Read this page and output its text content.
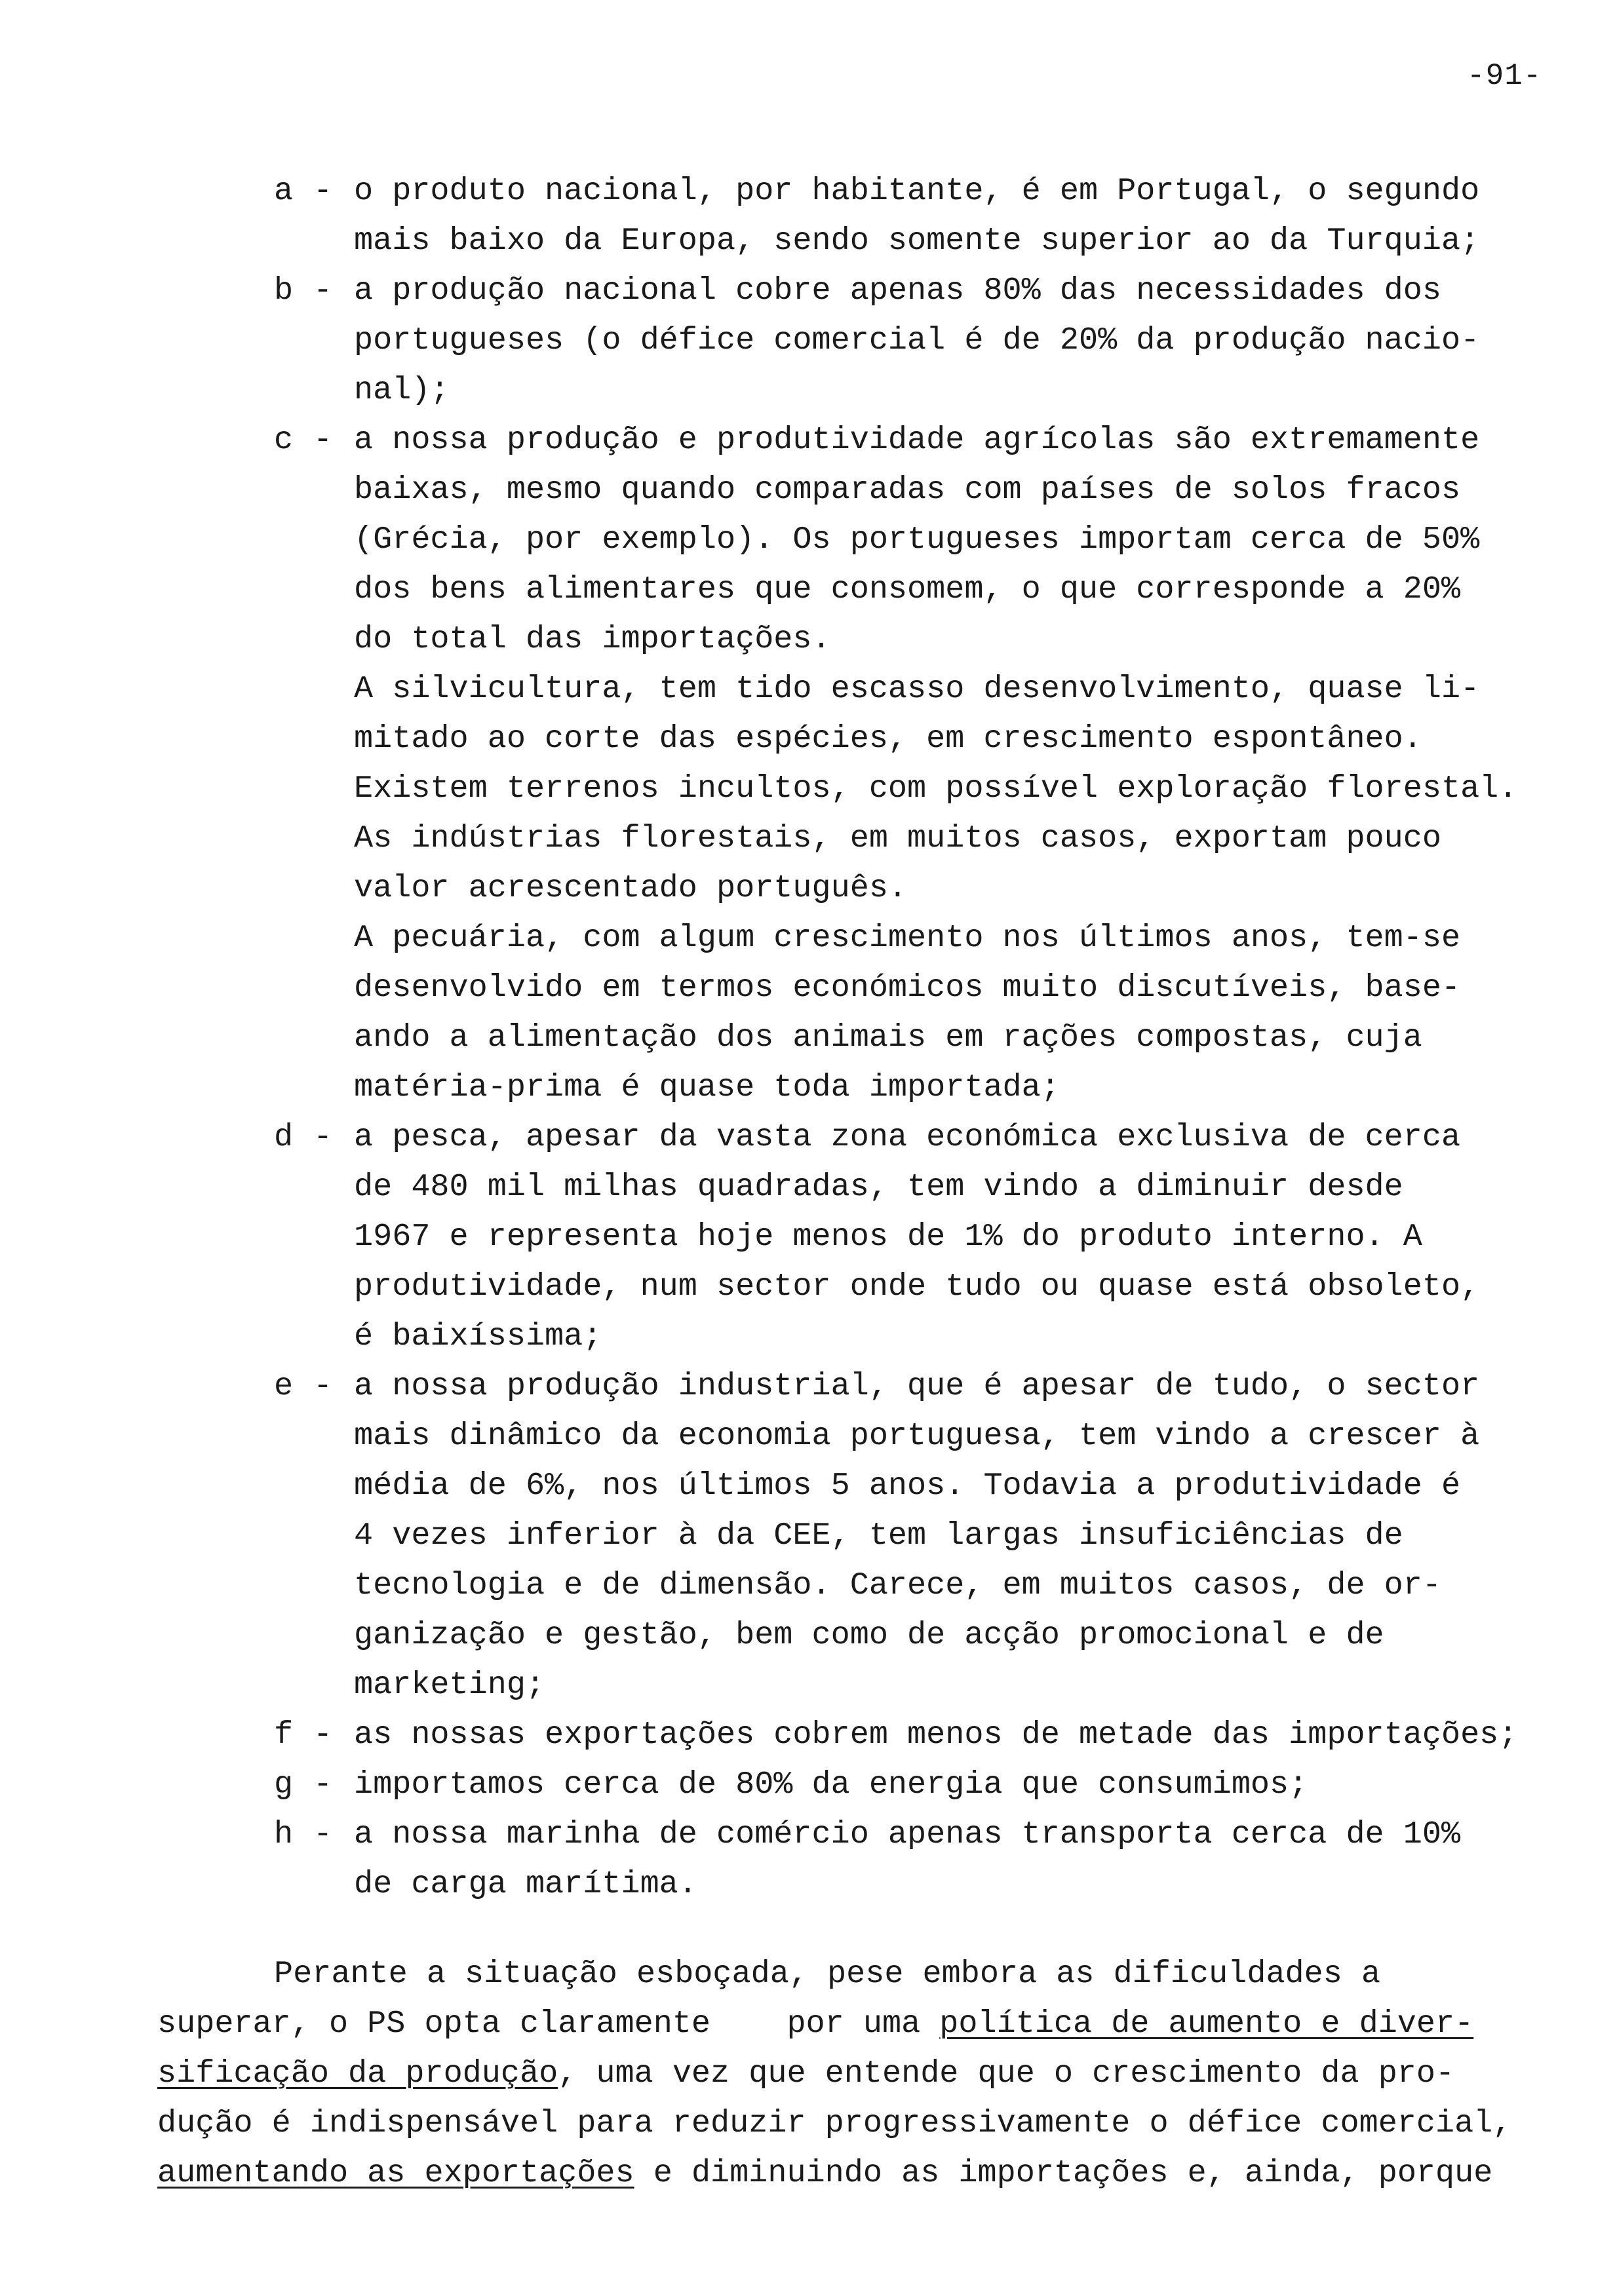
-91-
a - o produto nacional, por habitante, é em Portugal, o segundo
mais baixo da Europa, sendo somente superior ao da Turquia;
b - a produção nacional cobre apenas 80% das necessidades dos
portugueses (o défice comercial é de 20% da produção nacio-
nal);
c - a nossa produção e produtividade agrícolas são extremamente
baixas, mesmo quando comparadas com países de solos fracos
(Grécia, por exemplo). Os portugueses importam cerca de 50%
dos bens alimentares que consomem, o que corresponde a 20%
do total das importações.
A silvicultura, tem tido escasso desenvolvimento, quase li-
mitado ao corte das espécies, em crescimento espontâneo.
Existem terrenos incultos, com possível exploração florestal.
As indústrias florestais, em muitos casos, exportam pouco
valor acrescentado português.
A pecuária, com algum crescimento nos últimos anos, tem-se
desenvolvido em termos económicos muito discutíveis, base-
ando a alimentação dos animais em rações compostas, cuja
matéria-prima é quase toda importada;
d - a pesca, apesar da vasta zona económica exclusiva de cerca
de 480 mil milhas quadradas, tem vindo a diminuir desde
1967 e representa hoje menos de 1% do produto interno. A
produtividade, num sector onde tudo ou quase está obsoleto,
é baixíssima;
e - a nossa produção industrial, que é apesar de tudo, o sector
mais dinâmico da economia portuguesa, tem vindo a crescer à
média de 6%, nos últimos 5 anos. Todavia a produtividade é
4 vezes inferior à da CEE, tem largas insuficiências de
tecnologia e de dimensão. Carece, em muitos casos, de or-
ganização e gestão, bem como de acção promocional e de
marketing;
f - as nossas exportações cobrem menos de metade das importações;
g - importamos cerca de 80% da energia que consumimos;
h - a nossa marinha de comércio apenas transporta cerca de 10%
de carga marítima.
Perante a situação esboçada, pese embora as dificuldades a
superar, o PS opta claramente    por uma política de aumento e diver-
sificação da produção, uma vez que entende que o crescimento da pro-
dução é indispensável para reduzir progressivamente o défice comercial,
aumentando as exportações e diminuindo as importações e, ainda, porque
